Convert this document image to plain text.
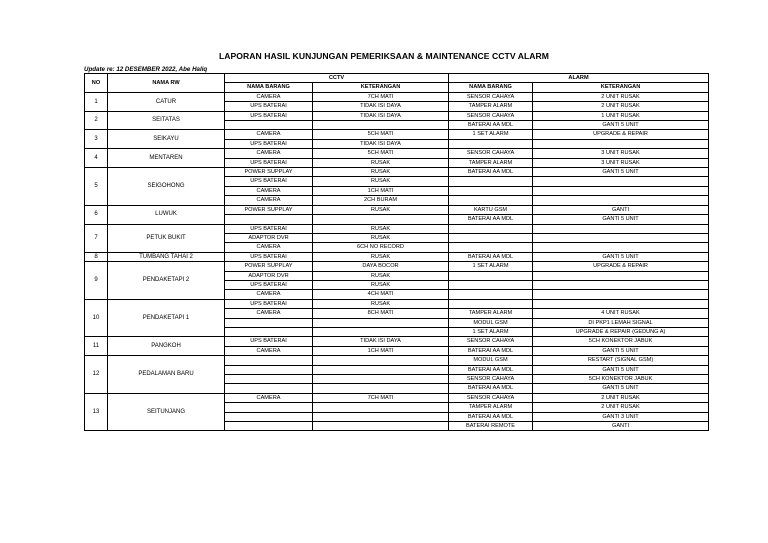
LAPORAN HASIL KUNJUNGAN PEMERIKSAAN & MAINTENANCE CCTV ALARM
Update re: 12 DESEMBER 2022, Abe Haliq
NO	NAMA RW	CCTV		ALARM	
		NAMA BARANG	KETERANGAN	NAMA BARANG	KETERANGAN
1	CATUR	CAMERA	7CH MATI	SENSOR CAHAYA	2 UNIT RUSAK
		UPS BATERAI	TIDAK ISI DAYA	TAMPER ALARM	2 UNIT RUSAK
2	SEITATAS	UPS BATERAI	TIDAK ISI DAYA	SENSOR CAHAYA	1 UNIT RUSAK
				BATERAI AA MDL	GANTI 5 UNIT
3	SEIKAYU	CAMERA	5CH MATI	1 SET ALARM	UPGRADE & REPAIR
		UPS BATERAI	TIDAK ISI DAYA		
4	MENTAREN	CAMERA	5CH MATI	SENSOR CAHAYA	3 UNIT RUSAK
		UPS BATERAI	RUSAK	TAMPER ALARM	3 UNIT RUSAK
5	SEIGOHONG	POWER SUPPLAY	RUSAK	BATERAI AA MDL	GANTI 5 UNIT
		UPS BATERAI	RUSAK		
		CAMERA	1CH MATI		
		CAMERA	2CH BURAM		
6	LUWUK	POWER SUPPLAY	RUSAK	KARTU GSM	GANTI
				BATERAI AA MDL	GANTI 5 UNIT
7	PETUK BUKIT	UPS BATERAI	RUSAK		
		ADAPTOR DVR	RUSAK		
		CAMERA	6CH NO RECORD		
8	TUMBANG TAHAI 2	UPS BATERAI	RUSAK	BATERAI AA MDL	GANTI 5 UNIT
9	PENDAKETAPI 2	POWER SUPPLAY	DAYA BOCOR	1 SET ALARM	UPGRADE & REPAIR
		ADAPTOR DVR	RUSAK		
		UPS BATERAI	RUSAK		
		CAMERA	4CH MATI		
10	PENDAKETAPI 1	UPS BATERAI	RUSAK		
		CAMERA	8CH MATI	TAMPER ALARM	4 UNIT RUSAK
				MODUL GSM	DI PKP1 LEMAH SIGNAL
				1 SET ALARM	UPGRADE & REPAIR (GEDUNG A)
11	PANGKOH	UPS BATERAI	TIDAK ISI DAYA	SENSOR CAHAYA	5CH KONEKTOR JABUK
		CAMERA	1CH MATI	BATERAI AA MDL	GANTI 5 UNIT
12	PEDALAMAN BARU			MODUL GSM	RESTART (SIGNAL GSM)
				BATERAI AA MDL	GANTI 5 UNIT
				SENSOR CAHAYA	5CH KONEKTOR JABUK
				BATERAI AA MDL	GANTI 5 UNIT
13	SEITUNJANG	CAMERA	7CH MATI	SENSOR CAHAYA	2 UNIT RUSAK
				TAMPER ALARM	2 UNIT RUSAK
				BATERAI AA MDL	GANTI 3 UNIT
				BATERAI REMOTE	GANTI
